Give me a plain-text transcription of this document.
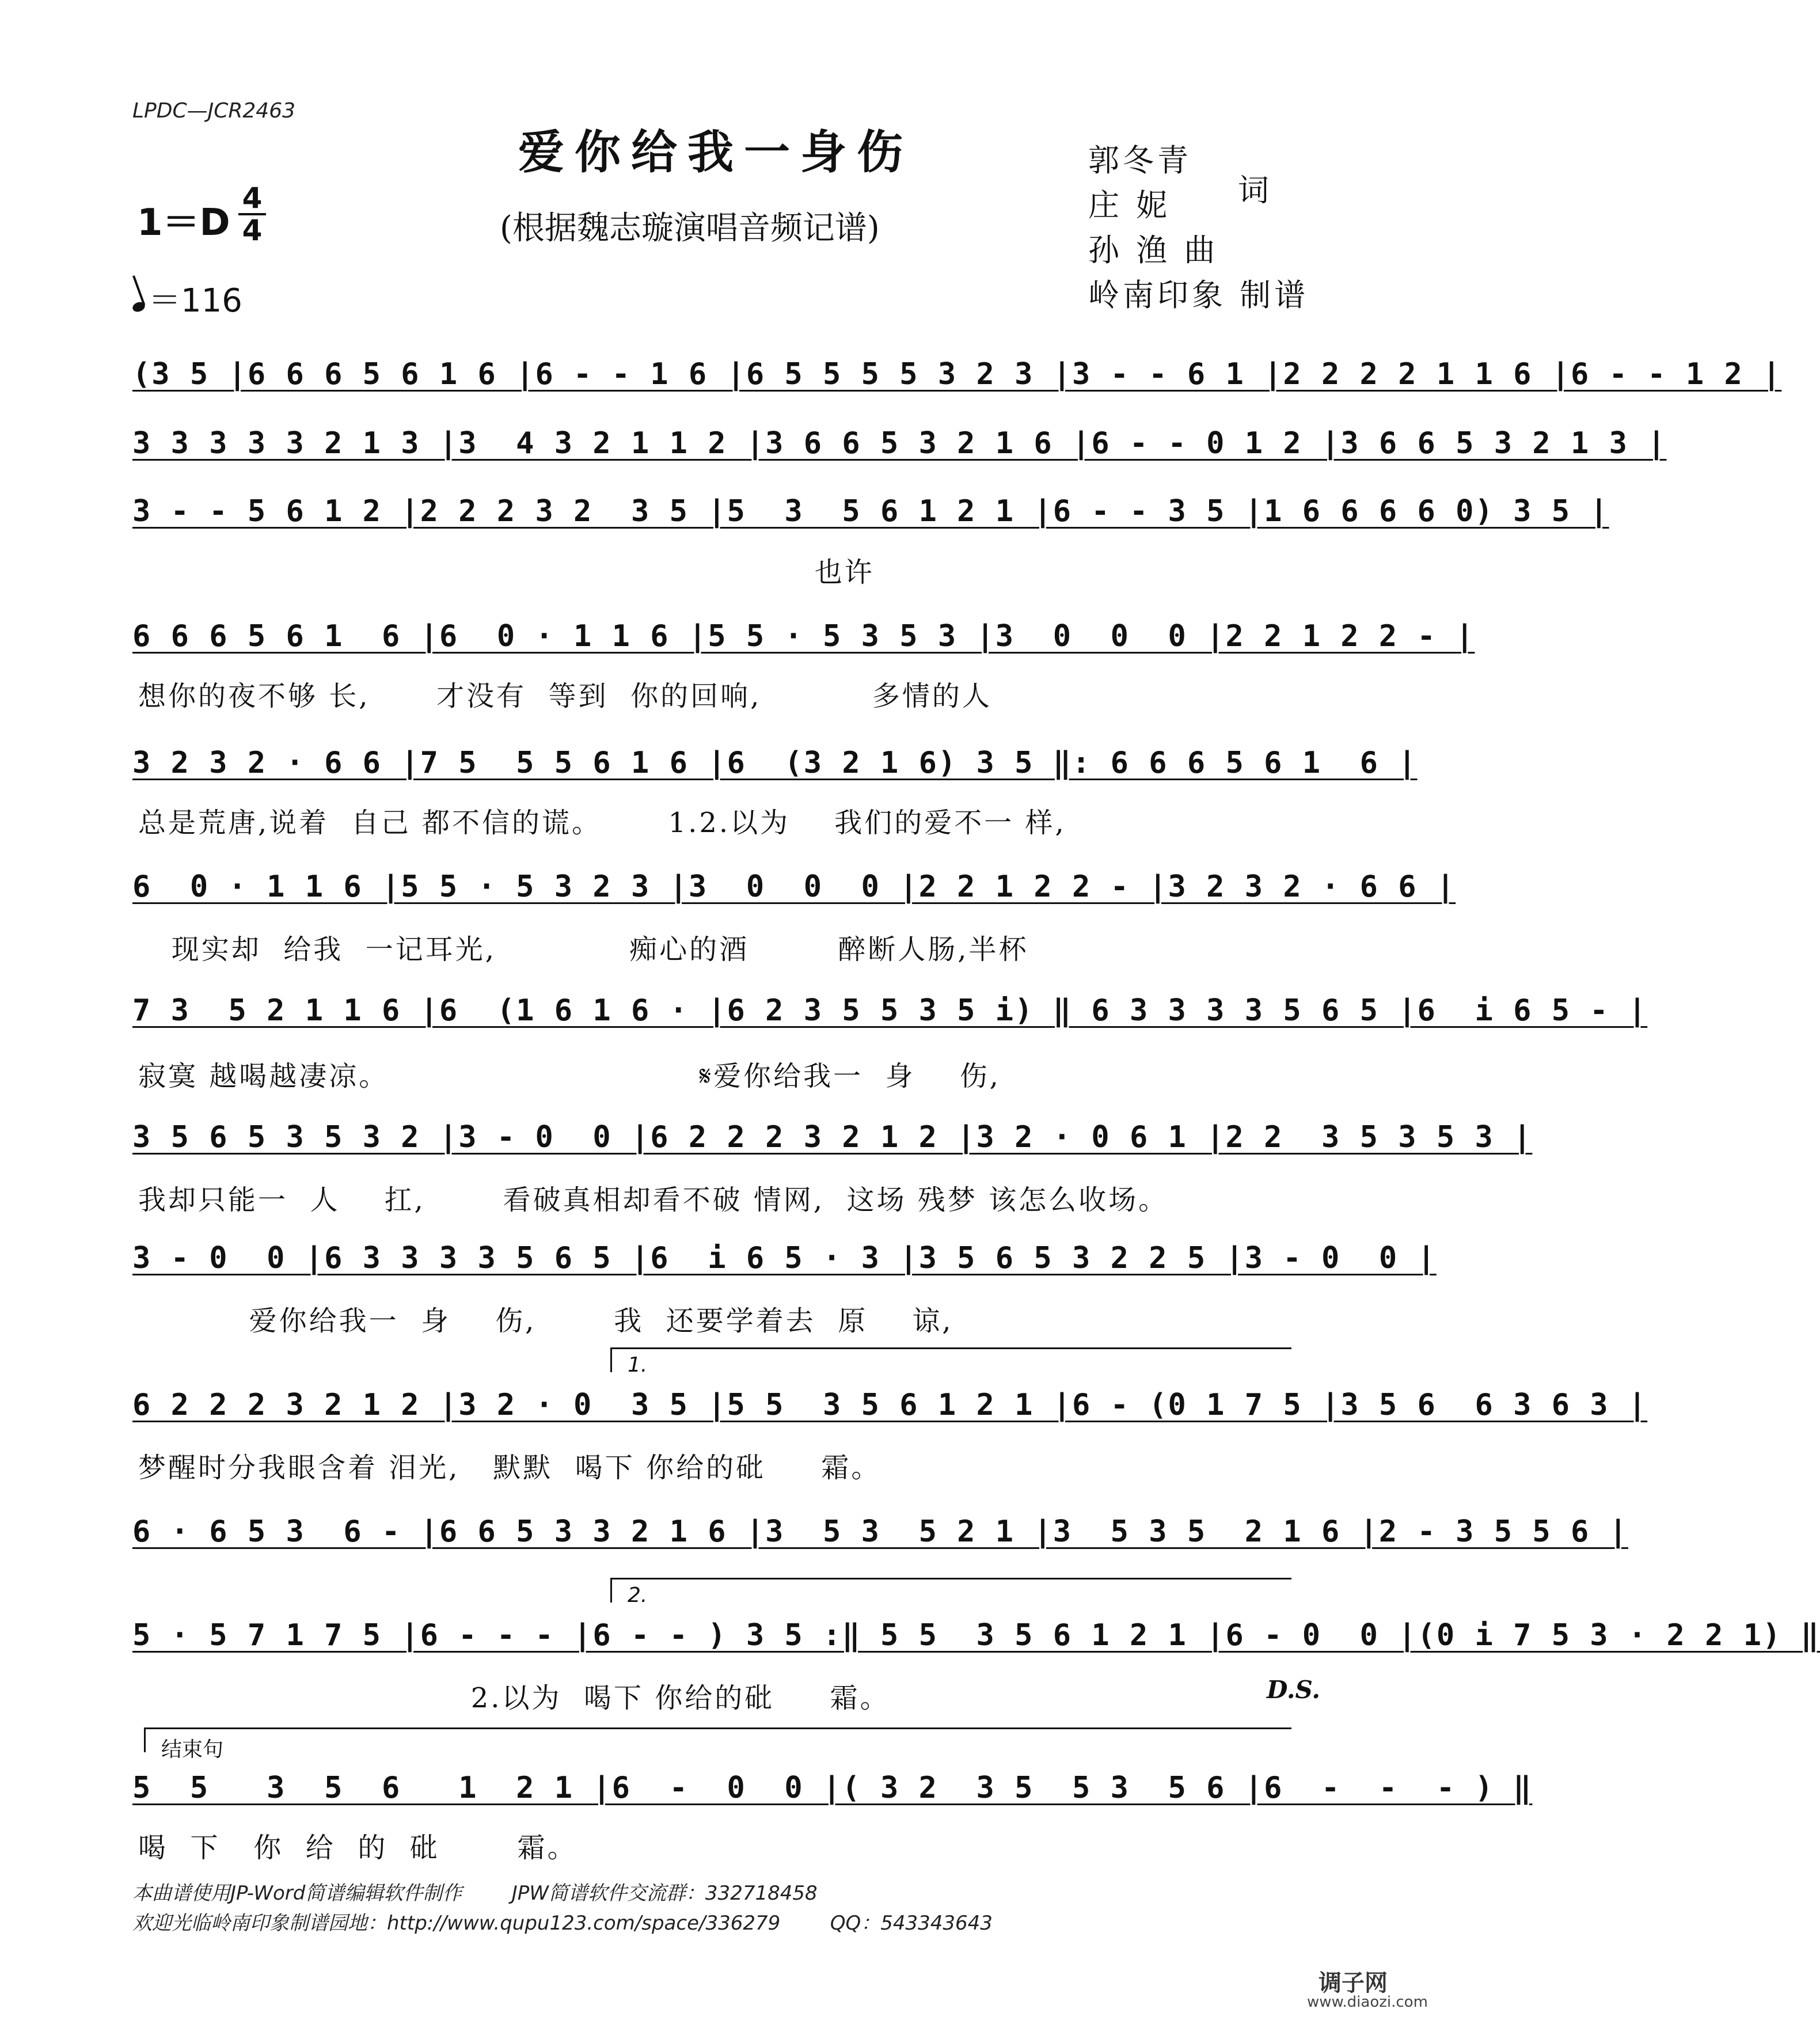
LPDC—JCR2463
爱你给我一身伤
(根据魏志璇演唱音频记谱)
1＝D
4
4
＝116
郭冬青
庄 妮	词
孙 渔 曲
岭南印象 制谱
(3 5 |6 6 6 5 6 1 6 |6 - - 1 6 |6 5 5 5 5 3 2 3 |3 - - 6 1 |2 2 2 2 1 1 6 |6 - - 1 2 |
3 3 3 3 3 2 1 3 |3  4 3 2 1 1 2 |3 6 6 5 3 2 1 6 |6 - - 0 1 2 |3 6 6 5 3 2 1 3 |
3 - - 5 6 1 2 |2 2 2 3 2  3 5 |5  3  5 6 1 2 1 |6 - - 3 5 |1 6 6 6 6 0) 3 5 |
也许
6 6 6 5 6 1  6 |6  0 · 1 1 6 |5 5 · 5 3 5 3 |3  0  0  0 |2 2 1 2 2 - |
想你的夜不够 长,      才没有  等到  你的回响,          多情的人
3 2 3 2 · 6 6 |7 5  5 5 6 1 6 |6  (3 2 1 6) 3 5 ‖: 6 6 6 5 6 1  6 |
总是荒唐,说着  自己 都不信的谎。      1.2.以为    我们的爱不一 样,
6  0 · 1 1 6 |5 5 · 5 3 2 3 |3  0  0  0 |2 2 1 2 2 - |3 2 3 2 · 6 6 |
现实却  给我  一记耳光,            痴心的酒        醉断人肠,半杯
7 3  5 2 1 1 6 |6  (1 6 1 6 · |6 2 3 5 5 3 5 i) ‖ 6 3 3 3 3 5 6 5 |6  i 6 5 - |
寂寞 越喝越凄凉。                            𝄋爱你给我一  身    伤,
3 5 6 5 3 5 3 2 |3 - 0  0 |6 2 2 2 3 2 1 2 |3 2 · 0 6 1 |2 2  3 5 3 5 3 |
我却只能一  人    扛,       看破真相却看不破 情网,  这场 残梦 该怎么收场。
3 - 0  0 |6 3 3 3 3 5 6 5 |6  i 6 5 · 3 |3 5 6 5 3 2 2 5 |3 - 0  0 |
爱你给我一  身    伤,       我  还要学着去  原    谅,
1.
6 2 2 2 3 2 1 2 |3 2 · 0  3 5 |5 5  3 5 6 1 2 1 |6 - (0 1 7 5 |3 5 6  6 3 6 3 |
梦醒时分我眼含着 泪光,   默默  喝下 你给的砒     霜。
6 · 6 5 3  6 - |6 6 5 3 3 2 1 6 |3  5 3  5 2 1 |3  5 3 5  2 1 6 |2 - 3 5 5 6 |
2.
5 · 5 7 1 7 5 |6 - - - |6 - - ) 3 5 :‖ 5 5  3 5 6 1 2 1 |6 - 0  0 |(0 i 7 5 3 · 2 2 1) ‖
2.以为  喝下 你给的砒     霜。	D.S.
结束句
5  5   3  5  6   1  2 1 |6  -  0  0 |( 3 2  3 5  5 3  5 6 |6  -  -  - ) ‖
喝  下   你  给  的  砒       霜。
本曲谱使用JP-Word简谱编辑软件制作        JPW简谱软件交流群：332718458
欢迎光临岭南印象制谱园地：http://www.qupu123.com/space/336279        QQ：543343643
调子网
www.diaozi.com
